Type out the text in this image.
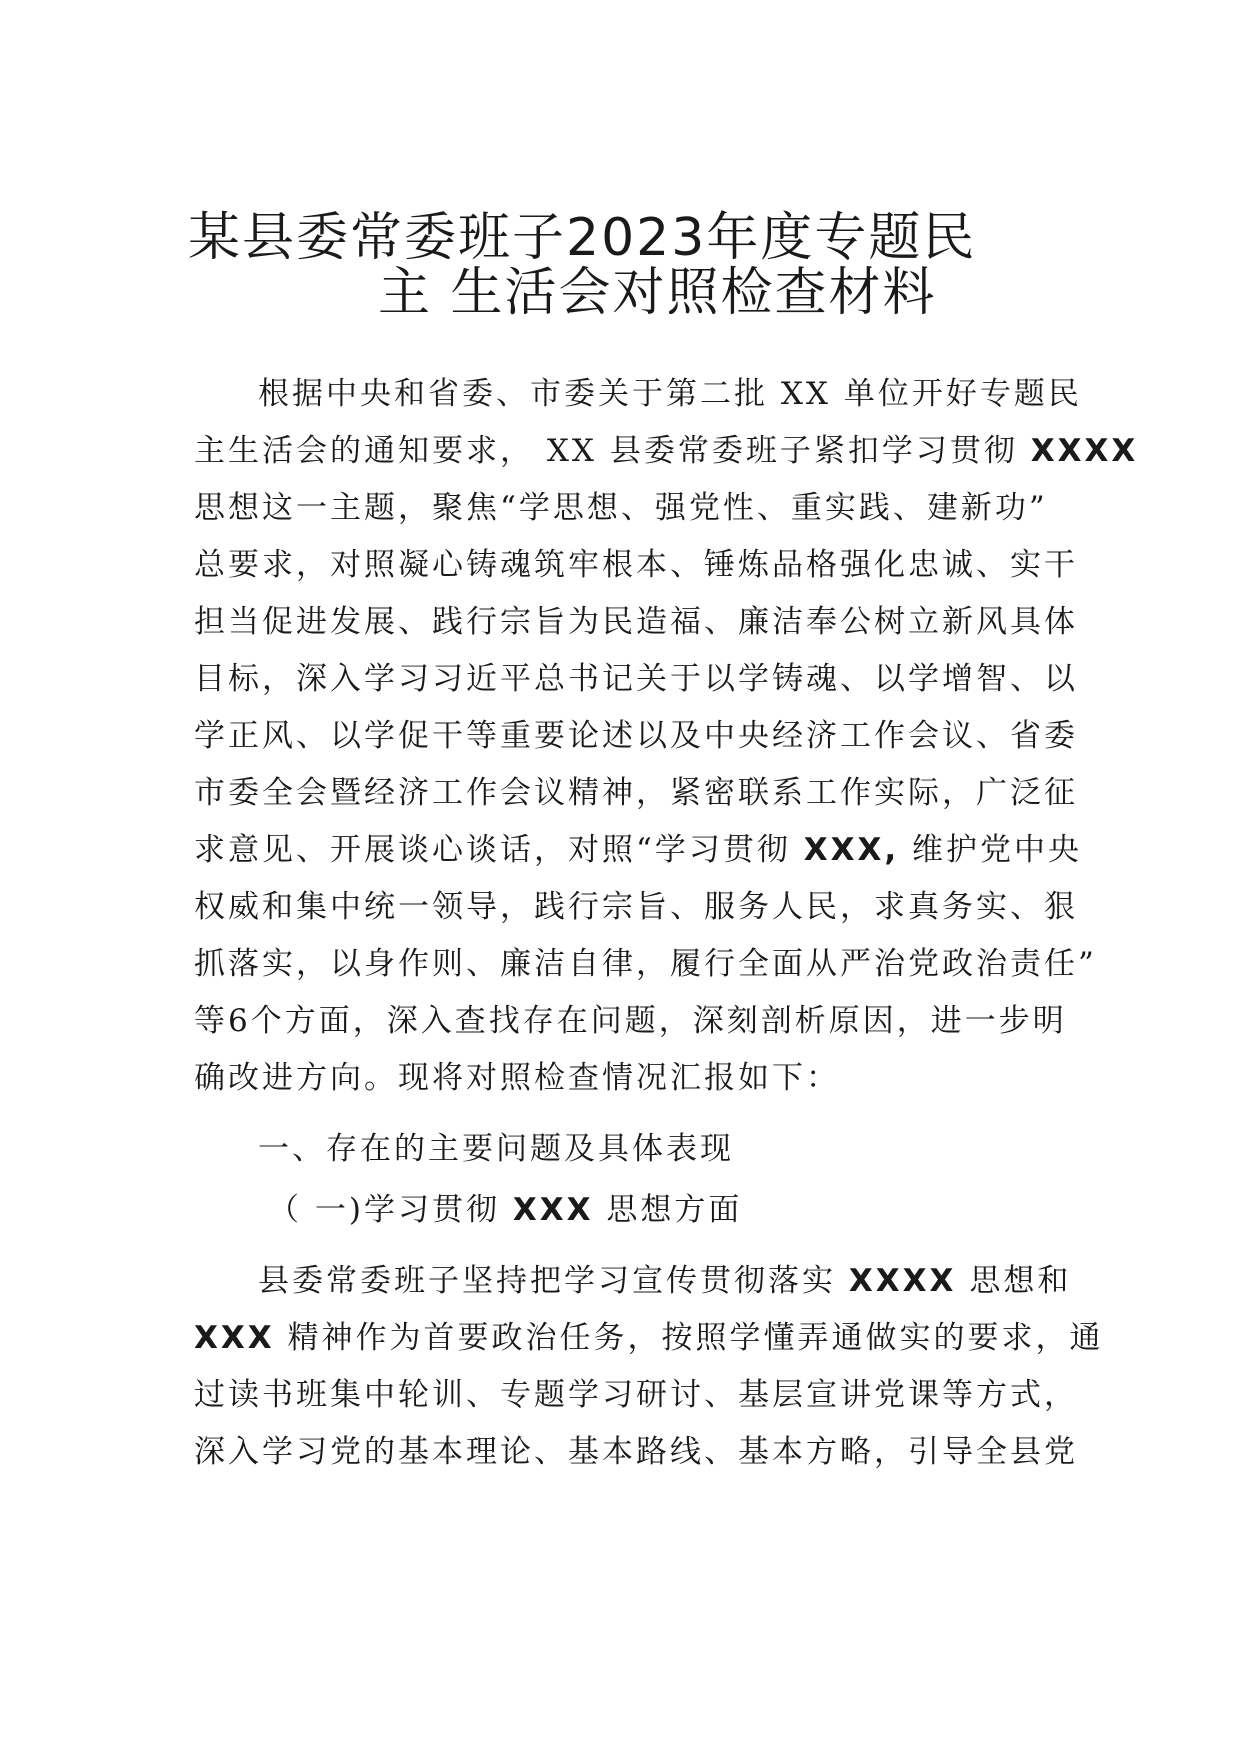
某县委常委班子2023年度专题民
主 生活会对照检查材料

根据中央和省委、市委关于第二批 XX 单位开好专题民

主生活会的通知要求， XX 县委常委班子紧扣学习贯彻 XXXX

思想这一主题，聚焦“学思想、强党性、重实践、建新功”

总要求，对照凝心铸魂筑牢根本、锤炼品格强化忠诚、实干

担当促进发展、践行宗旨为民造福、廉洁奉公树立新风具体

目标，深入学习习近平总书记关于以学铸魂、以学增智、以

学正风、以学促干等重要论述以及中央经济工作会议、省委

市委全会暨经济工作会议精神，紧密联系工作实际，广泛征

求意见、开展谈心谈话，对照“学习贯彻 XXX, 维护党中央

权威和集中统一领导，践行宗旨、服务人民，求真务实、狠

抓落实，以身作则、廉洁自律，履行全面从严治党政治责任”

等6个方面，深入查找存在问题，深刻剖析原因，进一步明

确改进方向。现将对照检查情况汇报如下：

一、存在的主要问题及具体表现

（ 一)学习贯彻 XXX 思想方面

县委常委班子坚持把学习宣传贯彻落实 XXXX 思想和

XXX 精神作为首要政治任务，按照学懂弄通做实的要求，通

过读书班集中轮训、专题学习研讨、基层宣讲党课等方式，

深入学习党的基本理论、基本路线、基本方略，引导全县党
